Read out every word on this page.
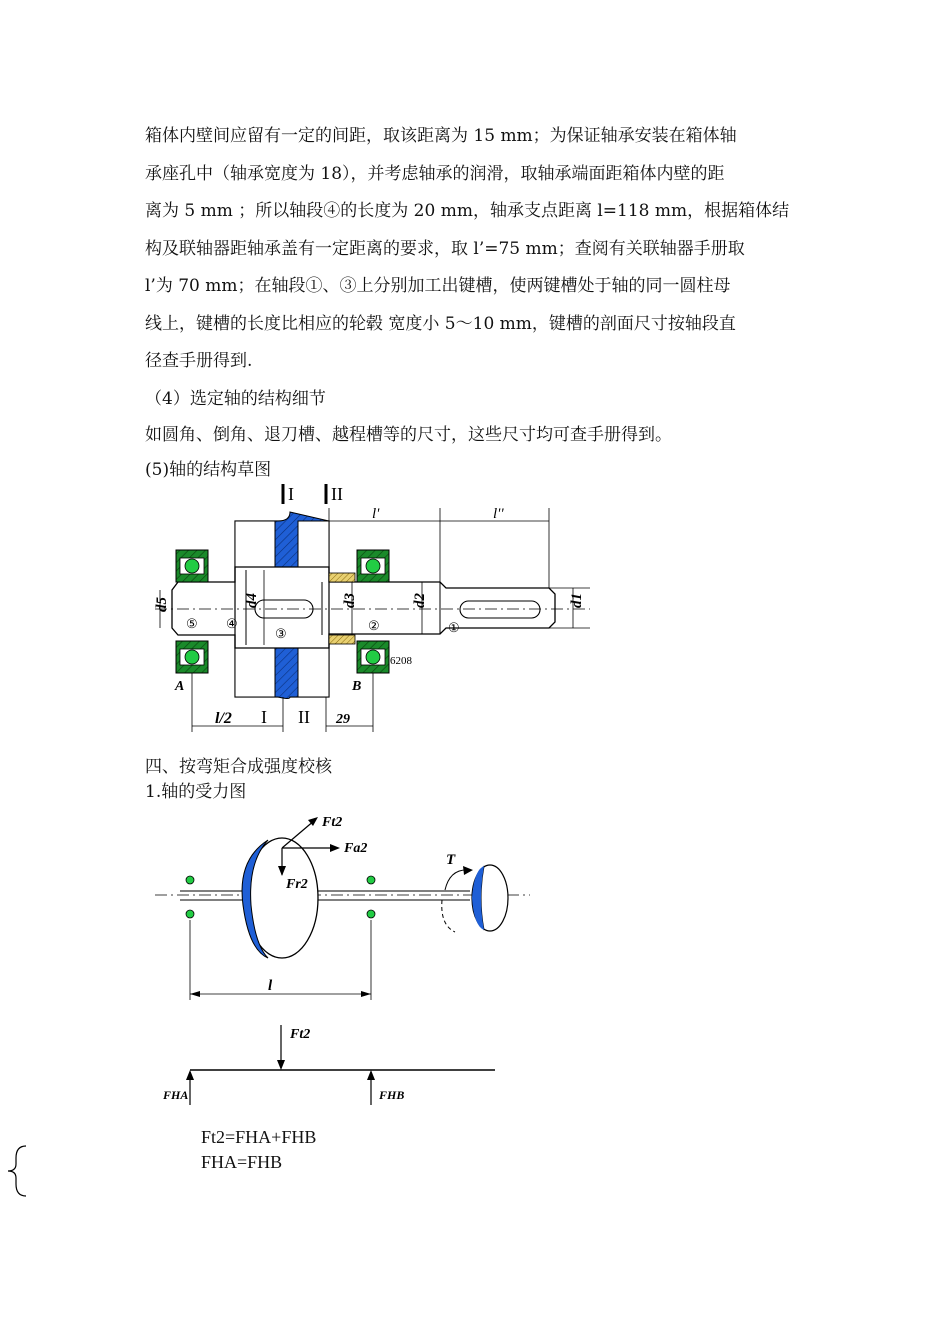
箱体内壁间应留有一定的间距，取该距离为 15 mm；为保证轴承安装在箱体轴
承座孔中（轴承宽度为 18），并考虑轴承的润滑，取轴承端面距箱体内壁的距
离为 5 mm ；所以轴段④的长度为 20 mm，轴承支点距离 l=118 mm，根据箱体结
构及联轴器距轴承盖有一定距离的要求，取 l’=75 mm；查阅有关联轴器手册取
l’为 70 mm；在轴段①、③上分别加工出键槽，使两键槽处于轴的同一圆柱母
线上，键槽的长度比相应的轮毂 宽度小 5～10 mm，键槽的剖面尺寸按轴段直
径查手册得到.
（4）选定轴的结构细节
如圆角、倒角、退刀槽、越程槽等的尺寸，这些尺寸均可查手册得到。
(5)轴的结构草图
I II
d5	d4	d3	d2	d1
⑤ ④
③
②	①
l'	l''
6208
A	B
l/2 I II 29
四、按弯矩合成强度校核
1.轴的受力图
l
Ft2
Fa2
Fr2
T
Ft2
FHA	FHB
Ft2=FHA+FHB
FHA=FHB
